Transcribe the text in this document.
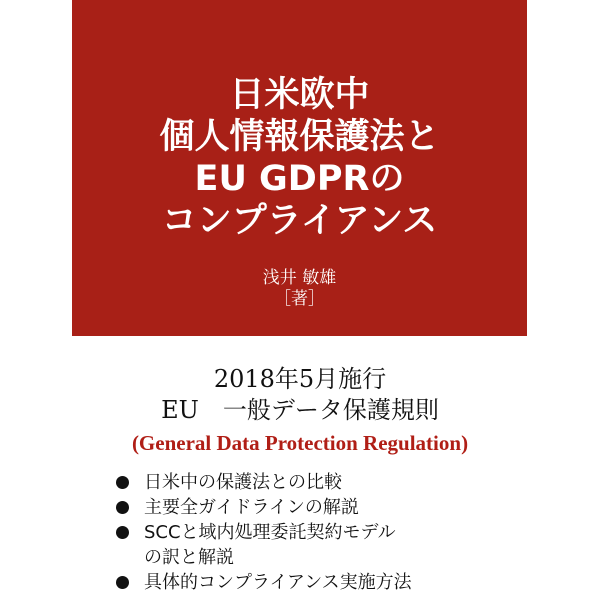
日米欧中
個人情報保護法と
EU GDPRの
コンプライアンス
浅井 敏雄
［著］
2018年5月施行
EU　一般データ保護規則
(General Data Protection Regulation)
日米中の保護法との比較
主要全ガイドラインの解説
SCCと域内処理委託契約モデル
の訳と解説
具体的コンプライアンス実施方法
